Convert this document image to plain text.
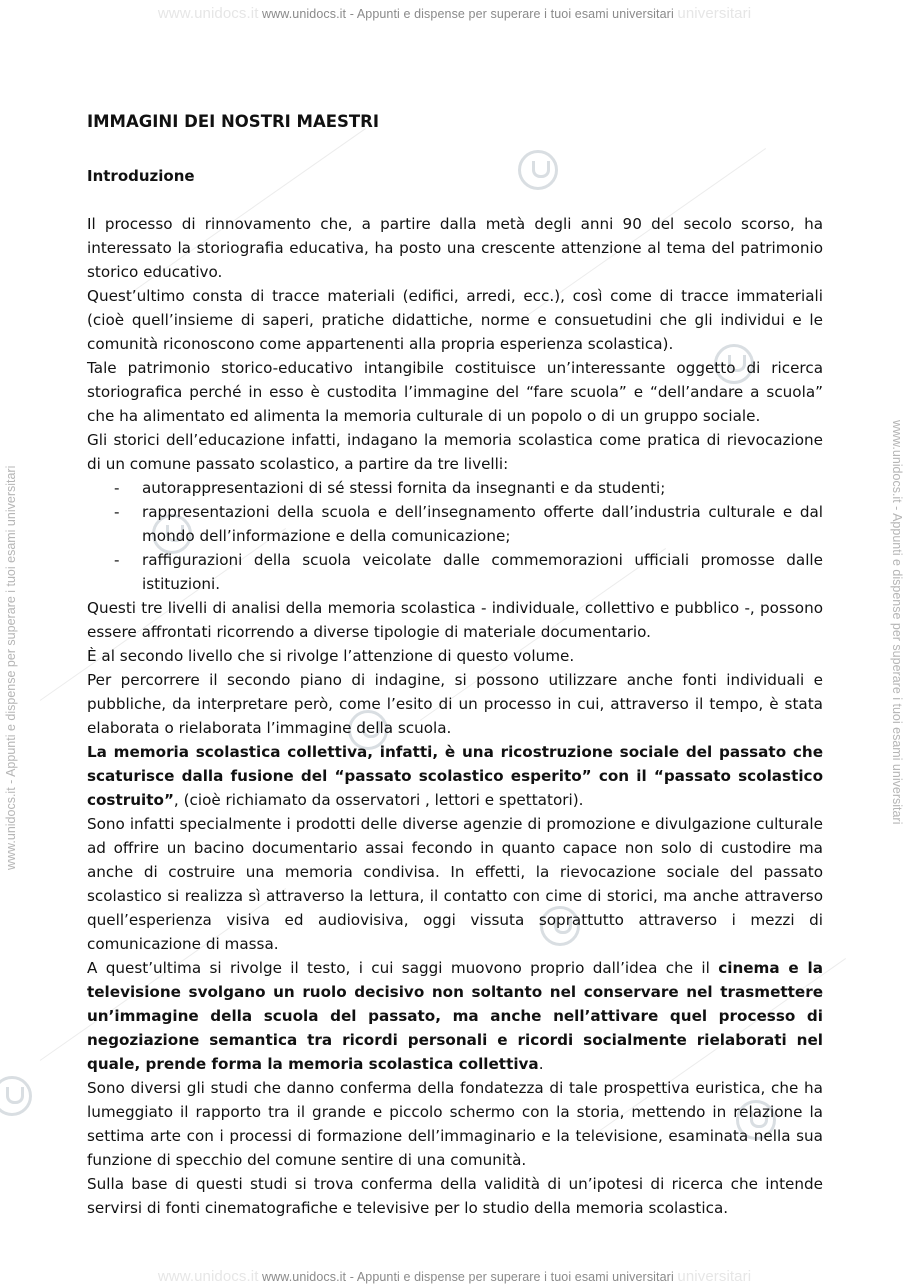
www.unidocs.it www.unidocs.it - Appunti e dispense per superare i tuoi esami universitari universitari
www.unidocs.it www.unidocs.it - Appunti e dispense per superare i tuoi esami universitari universitari
www.unidocs.it - Appunti e dispense per superare i tuoi esami universitari	www.unidocs.it - Appunti e dispense per superare i tuoi esami universitari
IMMAGINI DEI NOSTRI MAESTRI
Introduzione

Il processo di rinnovamento che, a partire dalla metà degli anni 90 del secolo scorso, ha interessato la storiografia educativa, ha posto una crescente attenzione al tema del patrimonio storico educativo.

Quest’ultimo consta di tracce materiali (edifici, arredi, ecc.), così come di tracce immateriali (cioè quell’insieme di saperi, pratiche didattiche, norme e consuetudini che gli individui e le comunità riconoscono come appartenenti alla propria esperienza scolastica).

Tale patrimonio storico-educativo intangibile costituisce un’interessante oggetto di ricerca storiografica perché in esso è custodita l’immagine del “fare scuola” e “dell’andare a scuola” che ha alimentato ed alimenta la memoria culturale di un popolo o di un gruppo sociale.

Gli storici dell’educazione infatti, indagano la memoria scolastica come pratica di rievocazione di un comune passato scolastico, a partire da tre livelli:

- autorappresentazioni di sé stessi fornita da insegnanti e da studenti;
- rappresentazioni della scuola e dell’insegnamento offerte dall’industria culturale e dal mondo dell’informazione e della comunicazione;
- raffigurazioni della scuola veicolate dalle commemorazioni ufficiali promosse dalle istituzioni.

Questi tre livelli di analisi della memoria scolastica - individuale, collettivo e pubblico -, possono essere affrontati ricorrendo a diverse tipologie di materiale documentario.

È al secondo livello che si rivolge l’attenzione di questo volume.

Per percorrere il secondo piano di indagine, si possono utilizzare anche fonti individuali e pubbliche, da interpretare però, come l’esito di un processo in cui, attraverso il tempo, è stata elaborata o rielaborata l’immagine della scuola.

La memoria scolastica collettiva, infatti, è una ricostruzione sociale del passato che scaturisce dalla fusione del “passato scolastico esperito” con il “passato scolastico costruito”, (cioè richiamato da osservatori , lettori e spettatori).

Sono infatti specialmente i prodotti delle diverse agenzie di promozione e divulgazione culturale ad offrire un bacino documentario assai fecondo in quanto capace non solo di custodire ma anche di costruire una memoria condivisa. In effetti, la rievocazione sociale del passato scolastico si realizza sì attraverso la lettura, il contatto con cime di storici, ma anche attraverso quell’esperienza visiva ed audiovisiva, oggi vissuta soprattutto attraverso i mezzi di comunicazione di massa.

A quest’ultima si rivolge il testo, i cui saggi muovono proprio dall’idea che il cinema e la televisione svolgano un ruolo decisivo non soltanto nel conservare nel trasmettere un’immagine della scuola del passato, ma anche nell’attivare quel processo di negoziazione semantica tra ricordi personali e ricordi socialmente rielaborati nel quale, prende forma la memoria scolastica collettiva.

Sono diversi gli studi che danno conferma della fondatezza di tale prospettiva euristica, che ha lumeggiato il rapporto tra il grande e piccolo schermo con la storia, mettendo in relazione la settima arte con i processi di formazione dell’immaginario e la televisione, esaminata nella sua funzione di specchio del comune sentire di una comunità.

Sulla base di questi studi si trova conferma della validità di un’ipotesi di ricerca che intende servirsi di fonti cinematografiche e televisive per lo studio della memoria scolastica.
